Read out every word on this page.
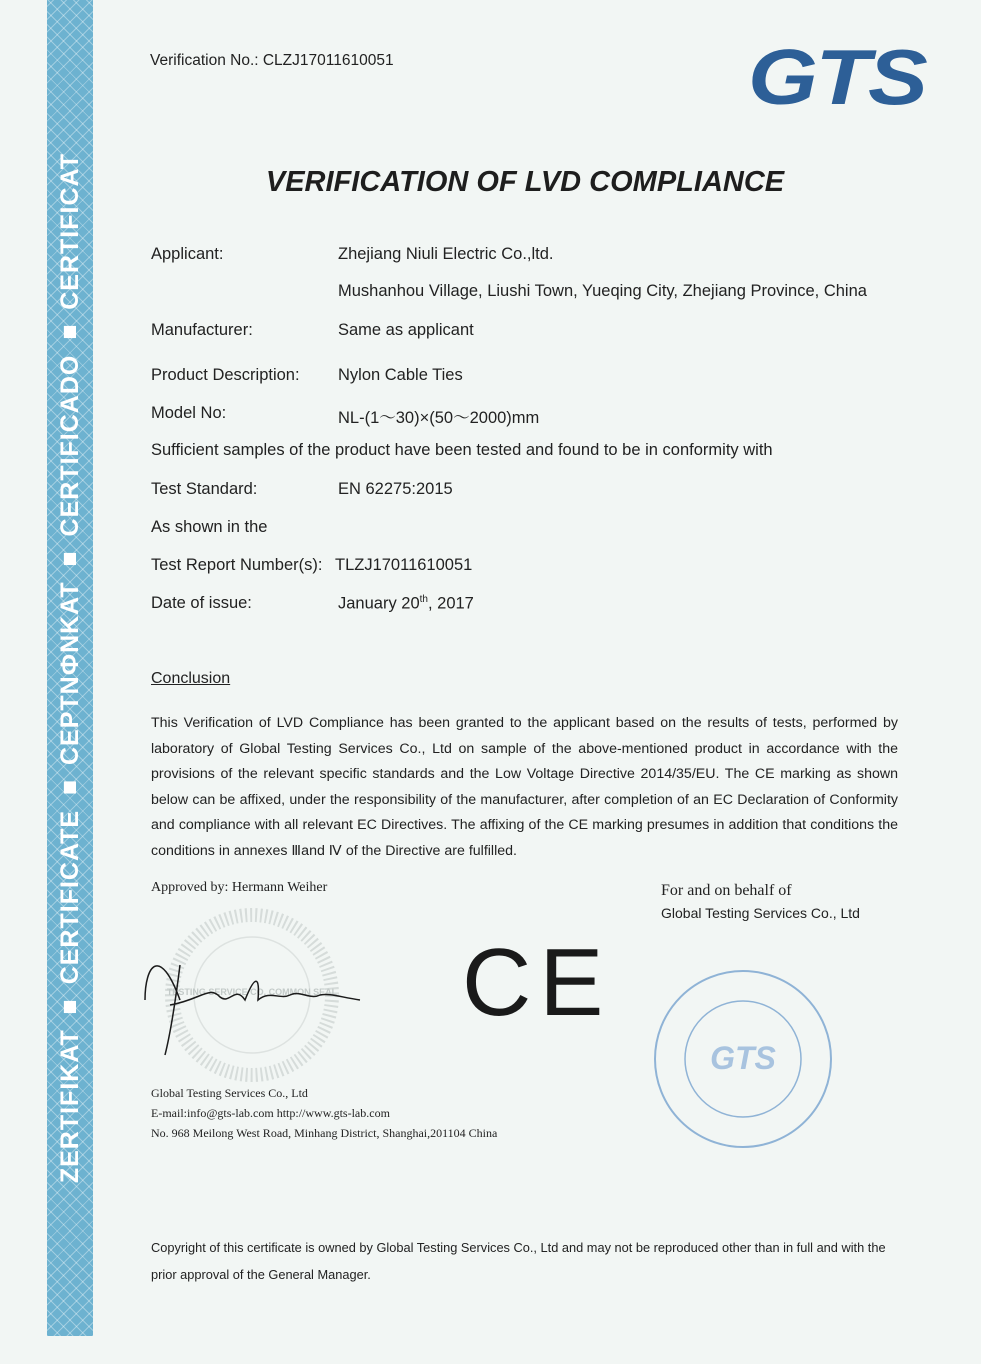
ZERTIFIKAT ■ CERTIFICATE ■ CEPTNФNKAT ■ CERTIFICADO ■ CERTIFICAT
Verification No.: CLZJ17011610051	GTS
VERIFICATION OF LVD COMPLIANCE
Applicant:	Zhejiang Niuli Electric Co.,ltd.
Mushanhou Village, Liushi Town, Yueqing City, Zhejiang Province, China
Manufacturer:	Same as applicant
Product Description: Nylon Cable Ties
Model No:	NL-(1～30)×(50～2000)mm
Sufficient samples of the product have been tested and found to be in conformity with
Test Standard:	EN 62275:2015
As shown in the
Test Report Number(s): TLZJ17011610051
Date of issue:	January 20th, 2017
Conclusion
This Verification of LVD Compliance has been granted to the applicant based on the results of tests, performed by laboratory of Global Testing Services Co., Ltd on sample of the above-mentioned product in accordance with the provisions of the relevant specific standards and the Low Voltage Directive 2014/35/EU. The CE marking as shown below can be affixed, under the responsibility of the manufacturer, after completion of an EC Declaration of Conformity and compliance with all relevant EC Directives. The affixing of the CE marking presumes in addition that conditions the conditions in annexes Ⅲand Ⅳ of the Directive are fulfilled.
Approved by: Hermann Weiher	For and on behalf of
Global Testing Services Co., Ltd
TESTING SERVICE CO. COMMON SEAL CE
GTS
Global Testing Services Co., Ltd
E-mail:info@gts-lab.com http://www.gts-lab.com
No. 968 Meilong West Road, Minhang District, Shanghai,201104 China
Copyright of this certificate is owned by Global Testing Services Co., Ltd and may not be reproduced other than in full and with the prior approval of the General Manager.
